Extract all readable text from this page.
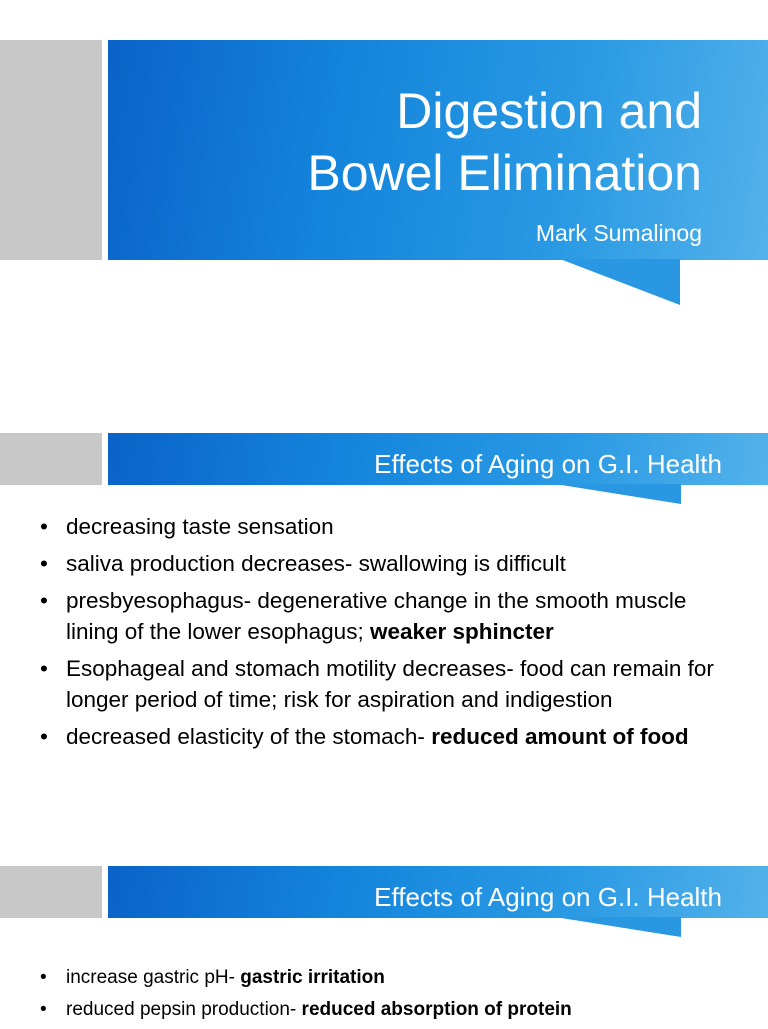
Digestion and
Bowel Elimination
Mark Sumalinog
Effects of Aging on G.I. Health
• decreasing taste sensation
• saliva production decreases- swallowing is difficult
• presbyesophagus- degenerative change in the smooth muscle lining of the lower esophagus; weaker sphincter
• Esophageal and stomach motility decreases- food can remain for longer period of time; risk for aspiration and indigestion
• decreased elasticity of the stomach- reduced amount of food
Effects of Aging on G.I. Health
• increase gastric pH- gastric irritation
• reduced pepsin production- reduced absorption of protein
